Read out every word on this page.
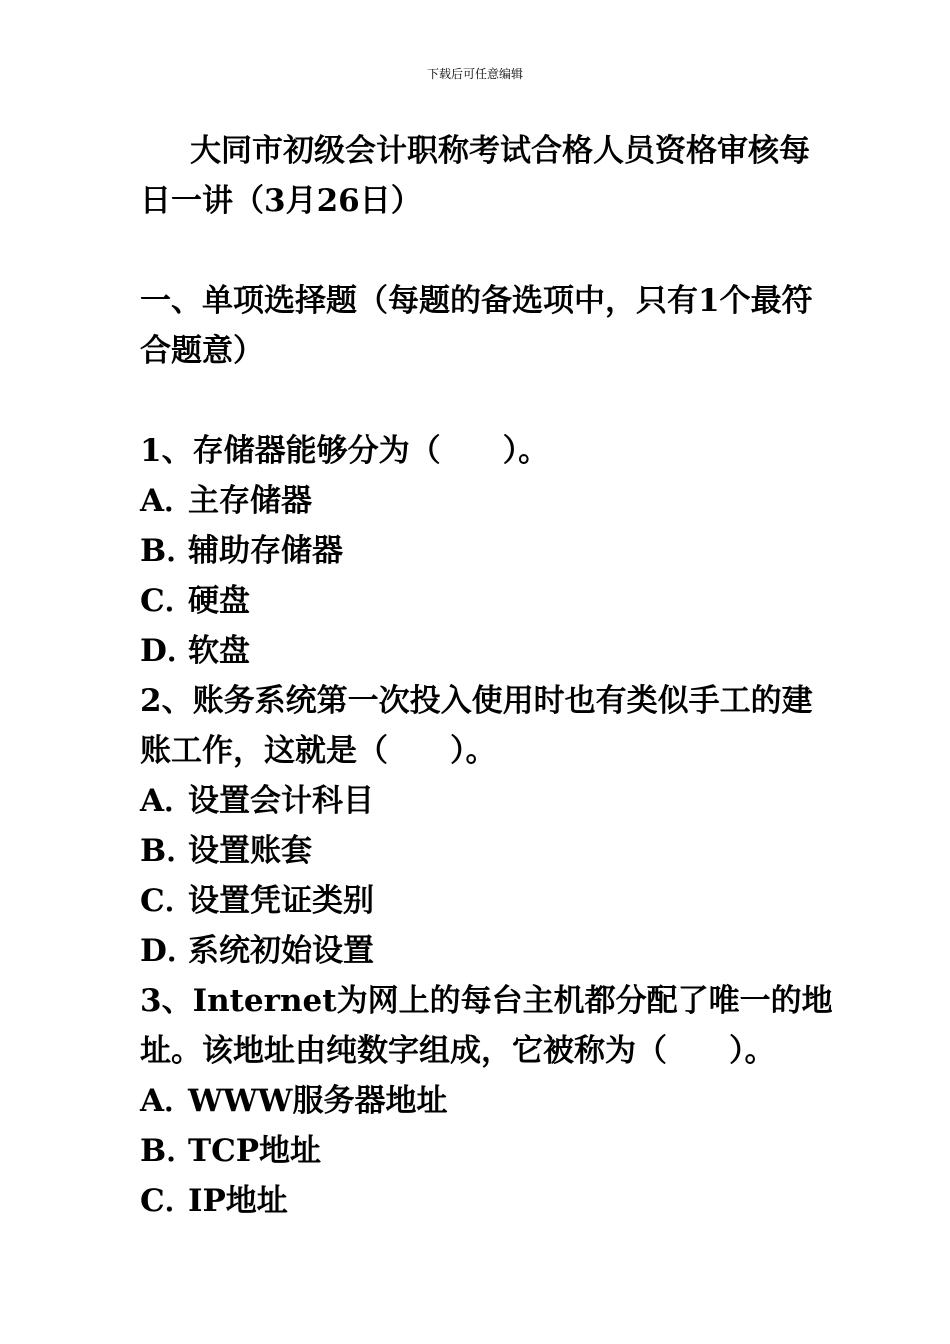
下载后可任意编辑

大同市初级会计职称考试合格人员资格审核每日一讲（3月26日）

一、单项选择题（每题的备选项中，只有1个最符合题意）

1、存储器能够分为（　　）。

A．主存储器

B．辅助存储器

C．硬盘

D．软盘

2、账务系统第一次投入使用时也有类似手工的建账工作，这就是（　　）。

A．设置会计科目

B．设置账套

C．设置凭证类别

D．系统初始设置

3、Internet为网上的每台主机都分配了唯一的地址。该地址由纯数字组成，它被称为（　　）。

A．WWW服务器地址

B．TCP地址

C．IP地址
